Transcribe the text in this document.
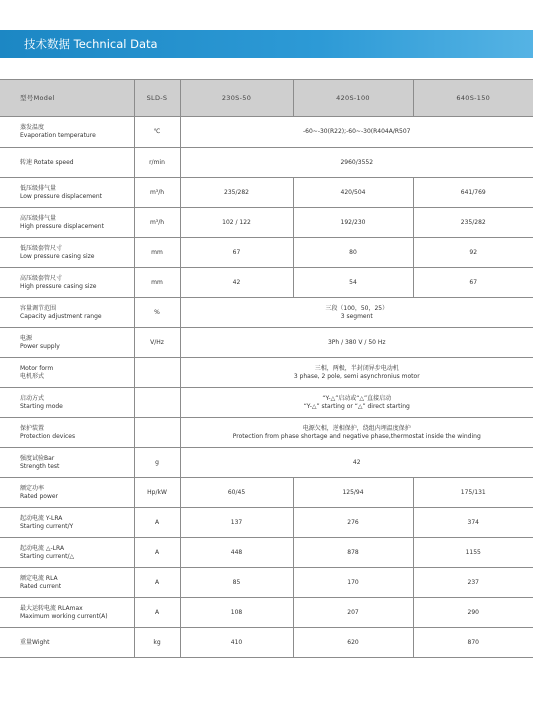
技术数据 Technical Data
型号Model	SLD-S	230S-50	420S-100	640S-150

蒸发温度
Evaporation temperature	℃	-60~-30(R22);-60~-30(R404A/R507		

转速 Rotate speed	r/min	2960/3552		

低压级排气量
Low pressure displacement	m³/h	235/282	420/504	641/769

高压级排气量
High pressure displacement	m³/h	102 / 122	192/230	235/282

低压级套管尺寸
Low pressure casing size	mm	67	80	92

高压级套管尺寸
High pressure casing size	mm	42	54	67

容量调节范围
Capacity adjustment range	%	三段（100，50，25）
3 segment		

电源
Power supply	V/Hz	3Ph / 380 V / 50 Hz		

Motor form
电机形式		三相，两极，半封闭异步电动机
3 phase, 2 pole, semi asynchronius motor		

启动方式
Starting mode		“Y-△”启动或“△”直接启动
“Y-△” starting or “△” direct starting		

保护装置
Protection devices		电源欠相，逆相保护，绕组内埋温度保护
Protection from phase shortage and negative phase,thermostat inside the winding		

强度试验Bar
Strength test	g	42		

额定功率
Rated power	Hp/kW	60/45	125/94	175/131

起动电流 Y-LRA
Starting current/Y	A	137	276	374

起动电流 △-LRA
Starting current/△	A	448	878	1155

额定电流 RLA
Rated current	A	85	170	237

最大运转电流 RLAmax
Maximum working current(A)	A	108	207	290

重量Wight	kg	410	620	870
